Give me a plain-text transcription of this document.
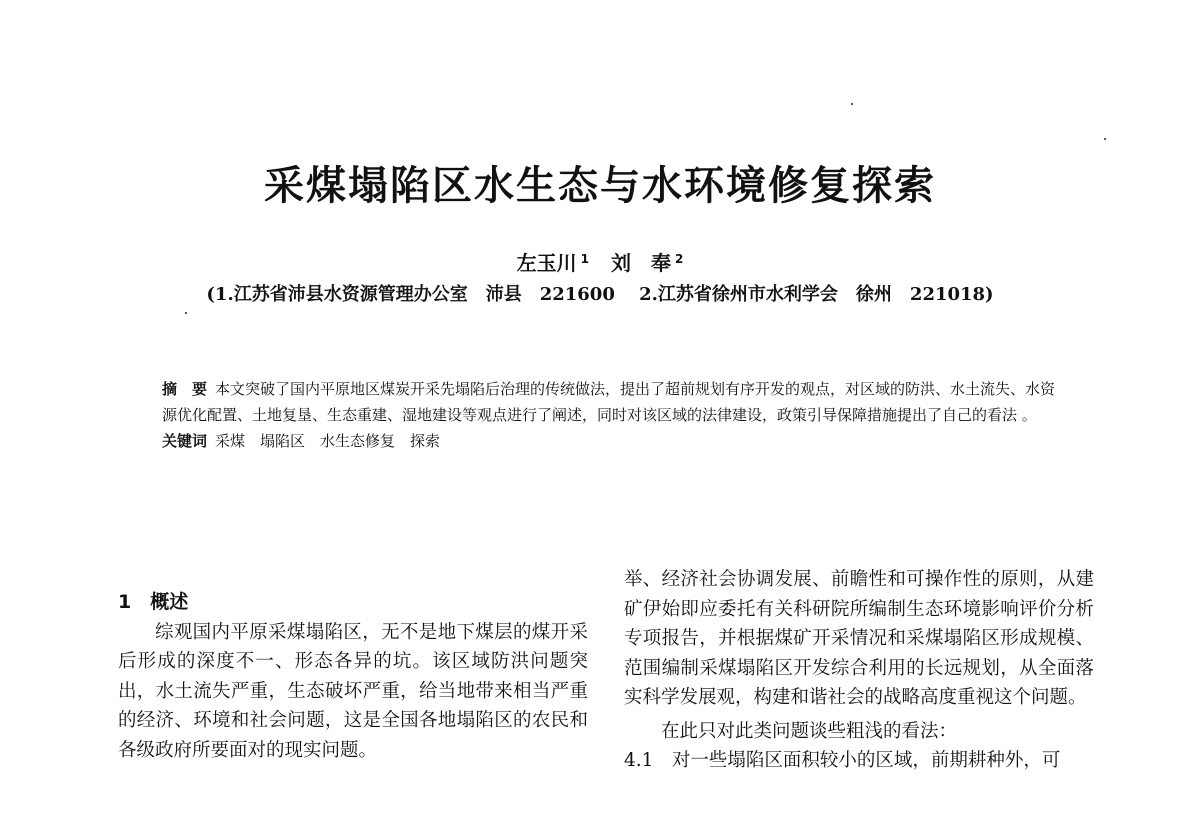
采煤塌陷区水生态与水环境修复探索
左玉川 $^1$ 刘　奉 $^2$
(1.江苏省沛县水资源管理办公室　沛县　221600　 2.江苏省徐州市水利学会　徐州　221018)

摘　要 本文突破了国内平原地区煤炭开采先塌陷后治理的传统做法，提出了超前规划有序开发的观点，对区域的防洪、水土流失、水资源优化配置、土地复垦、生态重建、湿地建设等观点进行了阐述，同时对该区域的法律建设，政策引导保障措施提出了自己的看法 。

关键词 采煤　塌陷区　水生态修复　探索

1　概述

综观国内平原采煤塌陷区，无不是地下煤层的煤开采后形成的深度不一、形态各异的坑。该区域防洪问题突出，水土流失严重，生态破坏严重，给当地带来相当严重的经济、环境和社会问题，这是全国各地塌陷区的农民和各级政府所要面对的现实问题。

举、经济社会协调发展、前瞻性和可操作性的原则，从建矿伊始即应委托有关科研院所编制生态环境影响评价分析专项报告，并根据煤矿开采情况和采煤塌陷区形成规模、范围编制采煤塌陷区开发综合利用的长远规划，从全面落实科学发展观，构建和谐社会的战略高度重视这个问题。

在此只对此类问题谈些粗浅的看法：

4.1　对一些塌陷区面积较小的区域，前期耕种外，可
